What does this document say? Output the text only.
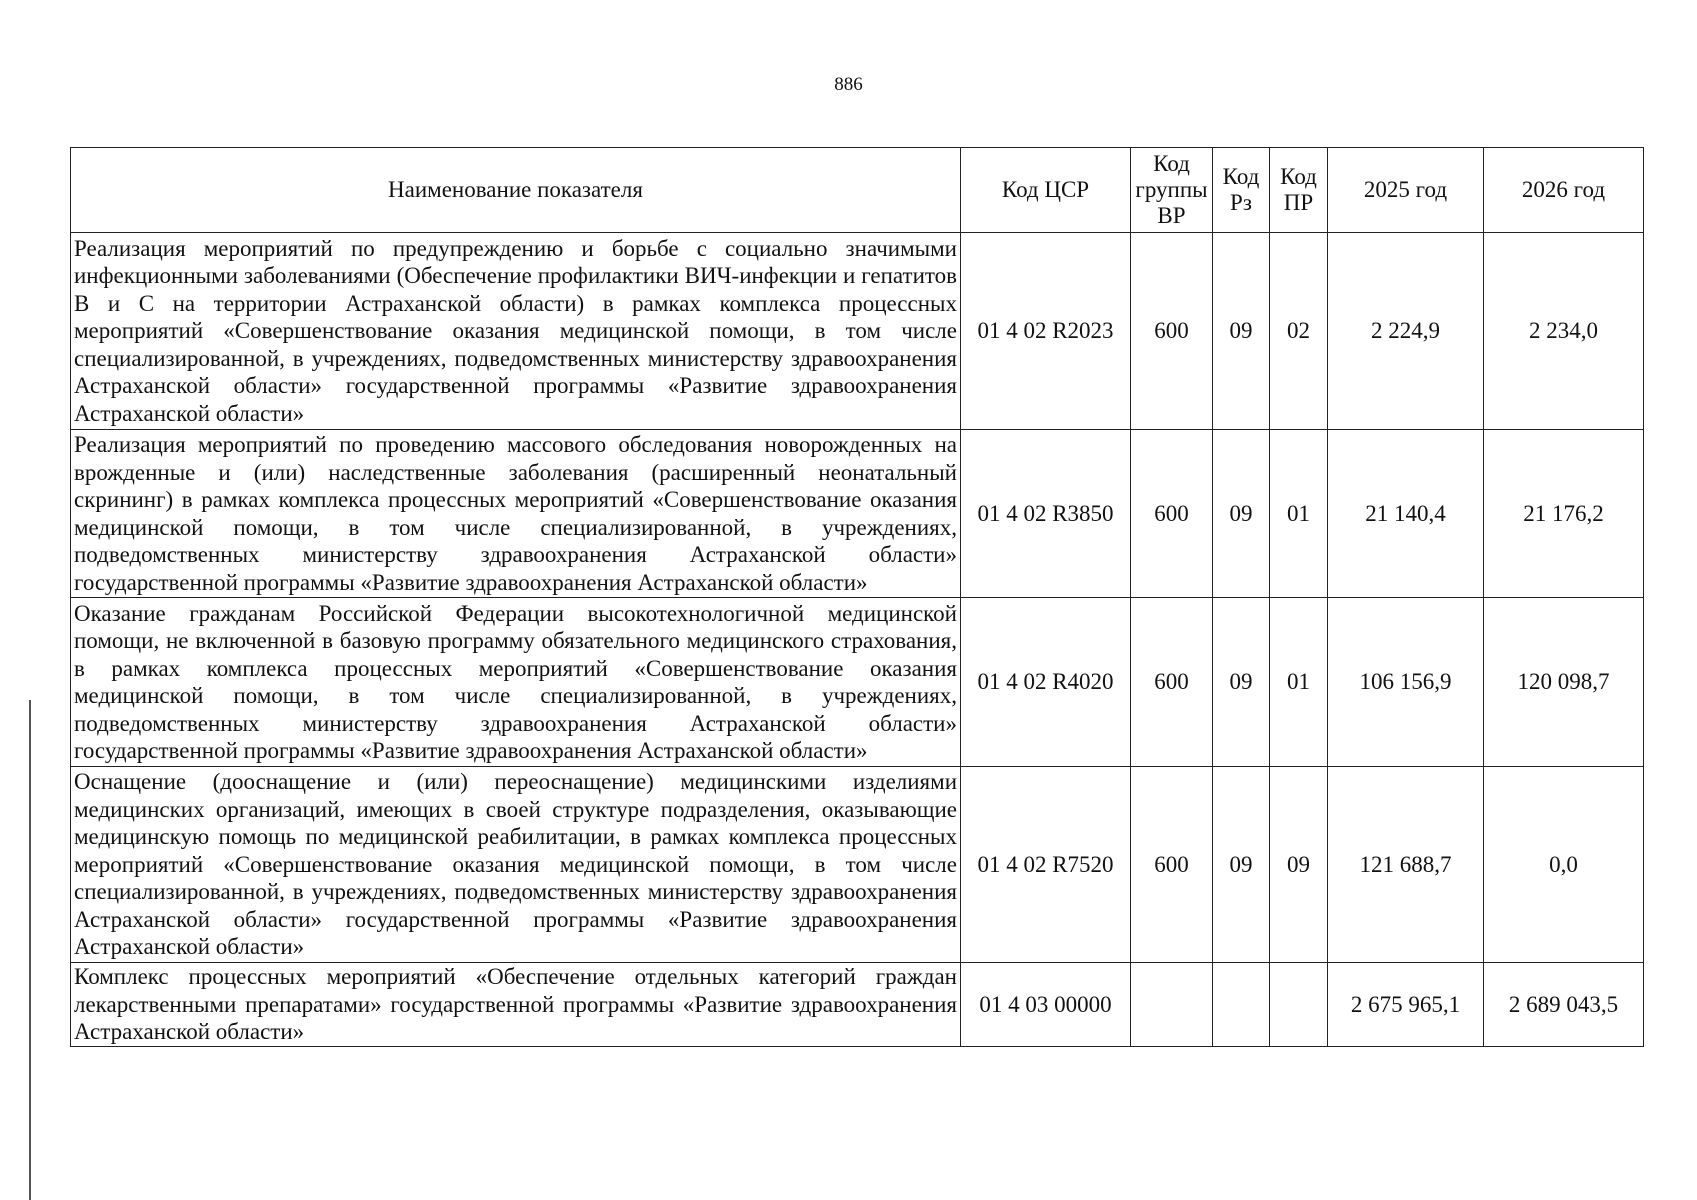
886
Наименование показателя	Код ЦСР	Код группы ВР	Код Рз	Код ПР	2025 год	2026 год
Реализация мероприятий по предупреждению и борьбе с социально значимыми инфекционными заболеваниями (Обеспечение профилактики ВИЧ-инфекции и гепатитов В и С на территории Астраханской области) в рамках комплекса процессных мероприятий «Совершенствование оказания медицинской помощи, в том числе специализированной, в учреждениях, подведомственных министерству здравоохранения Астраханской области» государственной программы «Развитие здравоохранения Астраханской области»	01 4 02 R2023	600	09	02	2 224,9	2 234,0
Реализация мероприятий по проведению массового обследования новорожденных на врожденные и (или) наследственные заболевания (расширенный неонатальный скрининг) в рамках комплекса процессных мероприятий «Совершенствование оказания медицинской помощи, в том числе специализированной, в учреждениях, подведомственных министерству здравоохранения Астраханской области» государственной программы «Развитие здравоохранения Астраханской области»	01 4 02 R3850	600	09	01	21 140,4	21 176,2
Оказание гражданам Российской Федерации высокотехнологичной медицинской помощи, не включенной в базовую программу обязательного медицинского страхования, в рамках комплекса процессных мероприятий «Совершенствование оказания медицинской помощи, в том числе специализированной, в учреждениях, подведомственных министерству здравоохранения Астраханской области» государственной программы «Развитие здравоохранения Астраханской области»	01 4 02 R4020	600	09	01	106 156,9	120 098,7
Оснащение (дооснащение и (или) переоснащение) медицинскими изделиями медицинских организаций, имеющих в своей структуре подразделения, оказывающие медицинскую помощь по медицинской реабилитации, в рамках комплекса процессных мероприятий «Совершенствование оказания медицинской помощи, в том числе специализированной, в учреждениях, подведомственных министерству здравоохранения Астраханской области» государственной программы «Развитие здравоохранения Астраханской области»	01 4 02 R7520	600	09	09	121 688,7	0,0
Комплекс процессных мероприятий «Обеспечение отдельных категорий граждан лекарственными препаратами» государственной программы «Развитие здравоохранения Астраханской области»	01 4 03 00000				2 675 965,1	2 689 043,5
